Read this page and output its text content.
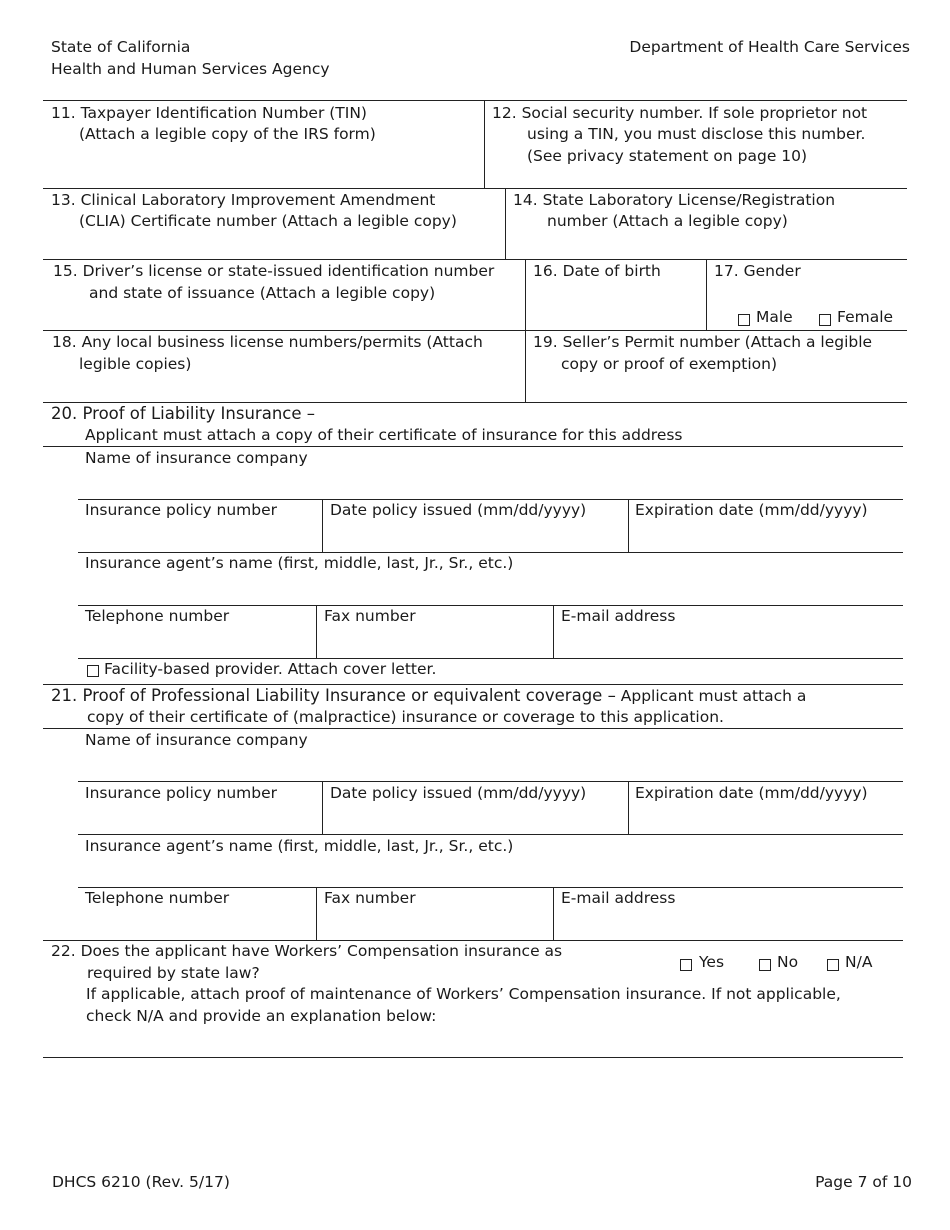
State of California
Health and Human Services Agency
Department of Health Care Services
11. Taxpayer Identification Number (TIN)
(Attach a legible copy of the IRS form)
12. Social security number. If sole proprietor not
using a TIN, you must disclose this number.
(See privacy statement on page 10)
13. Clinical Laboratory Improvement Amendment
(CLIA) Certificate number (Attach a legible copy)
14. State Laboratory License/Registration
number (Attach a legible copy)
15. Driver’s license or state-issued identification number
and state of issuance (Attach a legible copy)
16. Date of birth	17. Gender
Male	Female
18. Any local business license numbers/permits (Attach
legible copies)
19. Seller’s Permit number (Attach a legible
copy or proof of exemption)
20. Proof of Liability Insurance –
Applicant must attach a copy of their certificate of insurance for this address
Name of insurance company
Insurance policy number	Date policy issued (mm/dd/yyyy)	Expiration date (mm/dd/yyyy)
Insurance agent’s name (first, middle, last, Jr., Sr., etc.)
Telephone number	Fax number	E-mail address
Facility-based provider. Attach cover letter.
21. Proof of Professional Liability Insurance or equivalent coverage – Applicant must attach a
copy of their certificate of (malpractice) insurance or coverage to this application.
Name of insurance company
Insurance policy number	Date policy issued (mm/dd/yyyy)	Expiration date (mm/dd/yyyy)
Insurance agent’s name (first, middle, last, Jr., Sr., etc.)
Telephone number	Fax number	E-mail address
22. Does the applicant have Workers’ Compensation insurance as
required by state law?
Yes	No	N/A
If applicable, attach proof of maintenance of Workers’ Compensation insurance. If not applicable,
check N/A and provide an explanation below:
DHCS 6210 (Rev. 5/17)	Page 7 of 10
